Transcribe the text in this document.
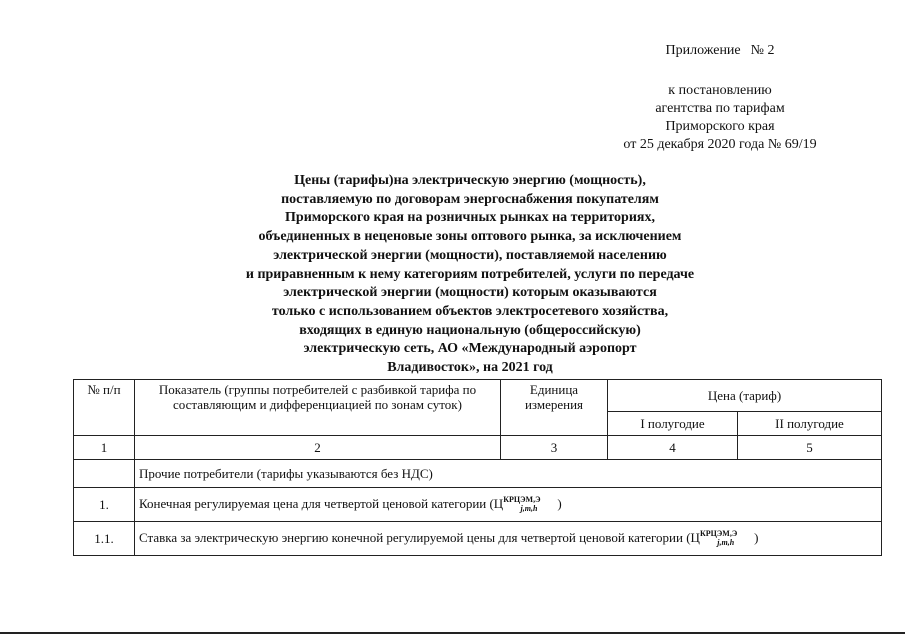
Приложение № 2
к постановлению
агентства по тарифам
Приморского края
от 25 декабря 2020 года № 69/19
Цены (тарифы)на электрическую энергию (мощность),
поставляемую по договорам энергоснабжения покупателям
Приморского края на розничных рынках на территориях,
объединенных в неценовые зоны оптового рынка, за исключением
электрической энергии (мощности), поставляемой населению
и приравненным к нему категориям потребителей, услуги по передаче
электрической энергии (мощности) которым оказываются
только с использованием объектов электросетевого хозяйства,
входящих в единую национальную (общероссийскую)
электрическую сеть, АО «Международный аэропорт
Владивосток», на 2021 год
№ п/п	Показатель (группы потребителей с разбивкой тарифа по составляющим и дифференциацией по зонам суток)	Единица измерения	Цена (тариф)	
			I полугодие	II полугодие
1	2	3	4	5
	Прочие потребители (тарифы указываются без НДС)			
1.	Конечная регулируемая цена для четвертой ценовой категории ($Ц^{КРЦЭМ,Э}_{j,m,h}$ )			
1.1.	Ставка за электрическую энергию конечной регулируемой цены для четвертой ценовой категории ($Ц^{КРЦЭМ,Э}_{j,m,h}$ )			
